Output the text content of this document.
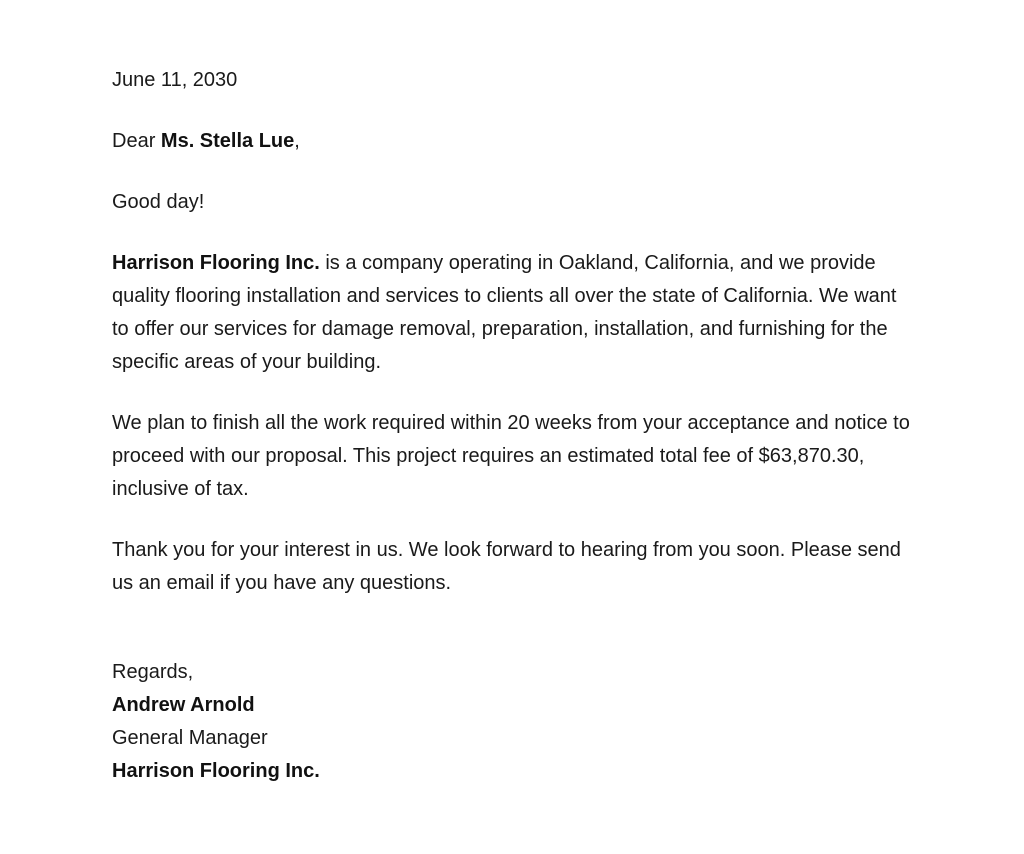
June 11, 2030

Dear Ms. Stella Lue,

Good day!

Harrison Flooring Inc. is a company operating in Oakland, California, and we provide quality flooring installation and services to clients all over the state of California. We want to offer our services for damage removal, preparation, installation, and furnishing for the specific areas of your building.

We plan to finish all the work required within 20 weeks from your acceptance and notice to proceed with our proposal. This project requires an estimated total fee of $63,870.30, inclusive of tax.

Thank you for your interest in us. We look forward to hearing from you soon. Please send us an email if you have any questions.

Regards,

Andrew Arnold

General Manager

Harrison Flooring Inc.
